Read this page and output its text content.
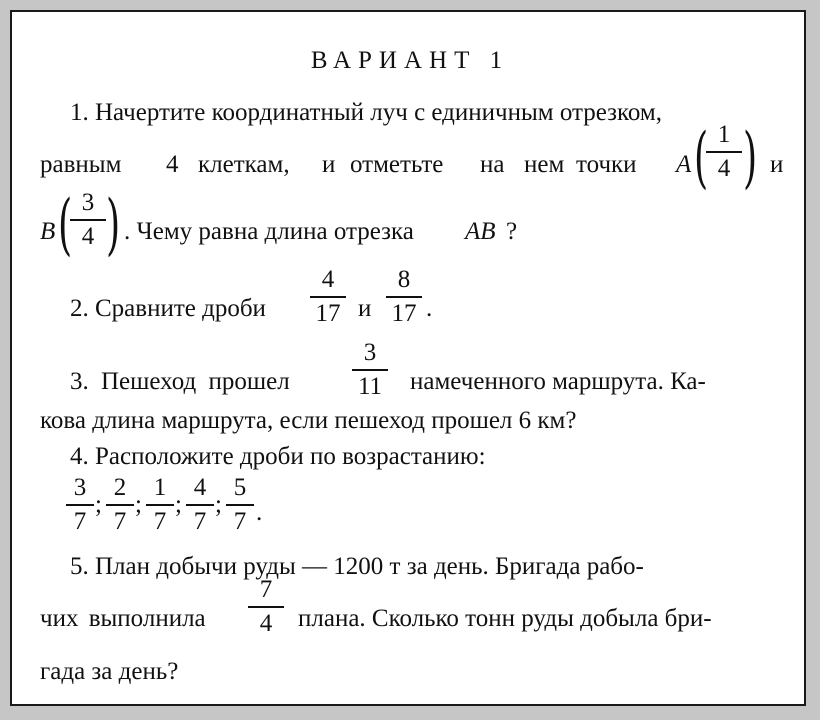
ВАРИАНТ 1
1. Начертите координатный луч с единичным отрезком,
равным 4 клеткам, и отметьте на нем точки A ( 1
4 ) и
B ( 3
4 ) . Чему равна длина отрезка AB ?
2. Сравните дроби
4
17 и
8
17 .
3. Пешеход прошел
3
11	намеченного маршрута. Ка-
кова длина маршрута, если пешеход прошел 6 км?
4. Расположите дроби по возрастанию:
3
7
;
2
7
;
1
7
;
4
7
;
5
7 .
5. План добычи руды — 1200 т за день. Бригада рабо-
чих выполнила
7
4	плана. Сколько тонн руды добыла бри-
гада за день?
